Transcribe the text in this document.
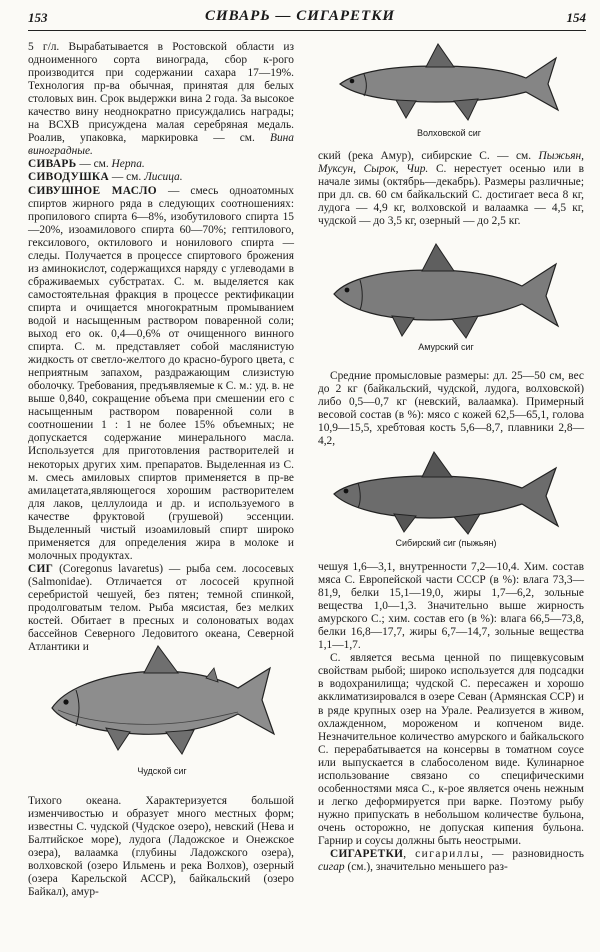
153	СИВАРЬ — СИГАРЕТКИ	154

5 г/л. Вырабатывается в Ростовской области из одноименного сорта винограда, сбор к-рого производится при содержании сахара 17—19%. Технология пр-ва обычная, принятая для белых столовых вин. Срок выдержки вина 2 года. За высокое качество вину неоднократно присуждались награды; на ВСХВ присуждена малая серебряная медаль. Роалив, упаковка, маркировка — см. Вина виноградные.

СИВАРЬ — см. Нерпа.

СИВОДУШКА — см. Лисица.

СИВУШНОЕ МАСЛО — смесь одноатомных спиртов жирного ряда в следующих соотношениях: пропилового спирта 6—8%, изобутилового спирта 15—20%, изоамилового спирта 60—70%; гептилового, гексилового, октилового и нонилового спирта — следы. Получается в процессе спиртового брожения из аминокислот, содержащихся наряду с углеводами в сбраживаемых субстратах. С. м. выделяется как самостоятельная фракция в процессе ректификации спирта и очищается многократным промыванием водой и насыщенным раствором поваренной соли; выход его ок. 0,4—0,6% от очищенного винного спирта. С. м. представляет собой маслянистую жидкость от светло-желтого до красно-бурого цвета, с неприятным запахом, раздражающим слизистую оболочку. Требования, предъявляемые к С. м.: уд. в. не выше 0,840, сокращение объема при смешении его с насыщенным раствором поваренной соли в соотношении 1 : 1 не более 15% объемных; не допускается содержание минерального масла. Используется для приготовления растворителей и некоторых других хим. препаратов. Выделенная из С. м. смесь амиловых спиртов применяется в пр-ве амилацетата,являющегося хорошим растворителем для лаков, целлулоида и др. и используемого в качестве фруктовой (грушевой) эссенции. Выделенный чистый изоамиловый спирт широко применяется для определения жира в молоке и молочных продуктах.

СИГ (Coregonus lavaretus) — рыба сем. лососевых (Salmonidae). Отличается от лососей крупной серебристой чешуей, без пятен; темной спинкой, продолговатым телом. Рыба мясистая, без мелких костей. Обитает в пресных и солоноватых водах бассейнов Северного Ледовитого океана, Северной Атлантики и

Чудской сиг

Тихого океана. Характеризуется большой изменчивостью и образует много местных форм; известны С. чудской (Чудское озеро), невский (Нева и Балтийское море), лудога (Ладожское и Онежское озера), валаамка (глубины Ладожского озера), волховской (озеро Ильмень и река Волхов), озерный (озера Карельской АССР), байкальский (озеро Байкал), амур-

Волховской сиг

ский (река Амур), сибирские С. — см. Пыжьян, Муксун, Сырок, Чир. С. нерестует осенью или в начале зимы (октябрь—декабрь). Размеры различные; при дл. св. 60 см байкальский С. достигает веса 8 кг, лудога — 4,9 кг, волховской и валаамка — 4,5 кг, чудской — до 3,5 кг, озерный — до 2,5 кг.

Амурский сиг

Средние промысловые размеры: дл. 25—50 см, вес до 2 кг (байкальский, чудской, лудога, волховской) либо 0,5—0,7 кг (невский, валаамка). Примерный весовой состав (в %): мясо с кожей 62,5—65,1, голова 10,9—15,5, хребтовая кость 5,6—8,7, плавники 2,8—4,2,

Сибирский сиг (пыжьян)

чешуя 1,6—3,1, внутренности 7,2—10,4. Хим. состав мяса С. Европейской части СССР (в %): влага 73,3—81,9, белки 15,1—19,0, жиры 1,7—6,2, зольные вещества 1,0—1,3. Значительно выше жирность амурского С.; хим. состав его (в %): влага 66,5—73,8, белки 16,8—17,7, жиры 6,7—14,7, зольные вещества 1,1—1,7.

С. является весьма ценной по пищевкусовым свойствам рыбой; широко используется для подсадки в водохранилища; чудской С. пересажен и хорошо акклиматизировался в озере Севан (Армянская ССР) и в ряде крупных озер на Урале. Реализуется в живом, охлажденном, мороженом и копченом виде. Незначительное количество амурского и байкальского С. перерабатывается на консервы в томатном соусе или выпускается в слабосоленом виде. Кулинарное использование связано со специфическими особенностями мяса С., к-рое является очень нежным и легко деформируется при варке. Поэтому рыбу нужно припускать в небольшом количестве бульона, очень осторожно, не допуская кипения бульона. Гарнир и соусы должны быть неострыми.

СИГАРЕТКИ, сигариллы, — разновидность сигар (см.), значительно меньшего раз-
